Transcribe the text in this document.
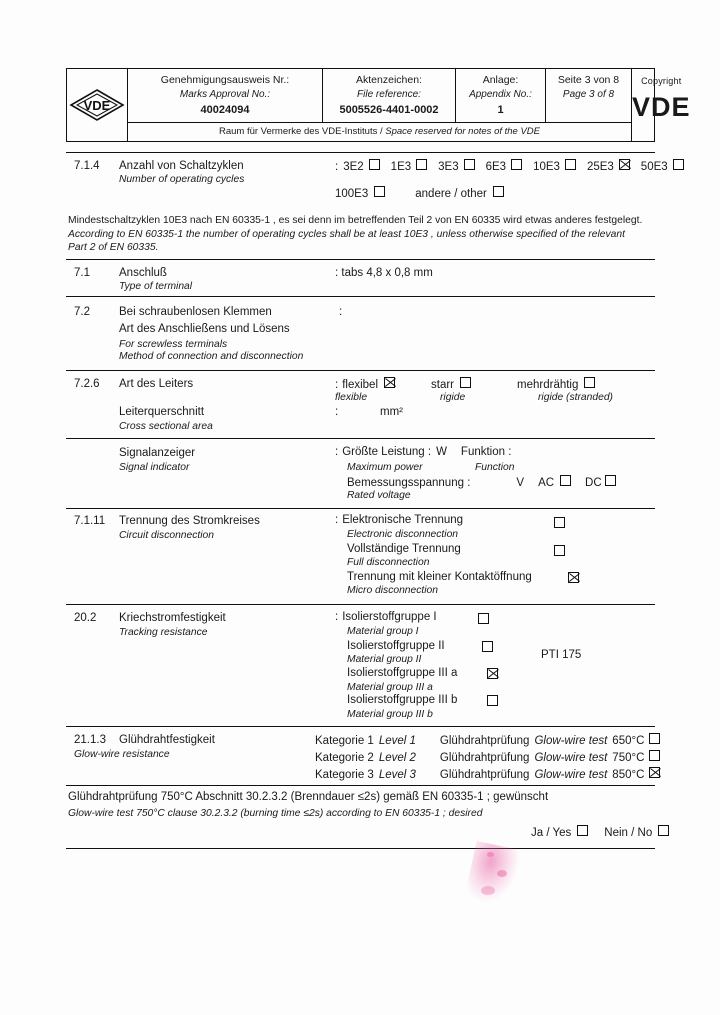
VDE
Genehmigungsausweis Nr.:
Marks Approval No.:
40024094
Aktenzeichen:
File reference:
5005526-4401-0002
Anlage:
Appendix No.:
1
Seite 3 von 8
Page 3 of 8
Raum für Vermerke des VDE-Instituts / Space reserved for notes of the VDE
Copyright
VDE
7.1.4 Anzahl von Schaltzyklen
Number of operating cycles
: 3E2 1E3 3E3 6E3 10E3 25E3 50E3
100E3	andere / other
Mindestschaltzyklen 10E3 nach EN 60335-1 , es sei denn im betreffenden Teil 2 von EN 60335 wird etwas anderes festgelegt.
According to EN 60335-1 the number of operating cycles shall be at least 10E3 , unless otherwise specified of the relevant
Part 2 of EN 60335.
7.1	Anschluß
Type of terminal
: tabs 4,8 x 0,8 mm
7.2	Bei schraubenlosen Klemmen
Art des Anschließens und Lösens
For screwless terminals
Method of connection and disconnection
:
7.2.6 Art des Leiters	: flexibel	starr	mehrdrähtig
flexible	rigide	rigide (stranded)
Leiterquerschnitt
Cross sectional area
:	mm²
Signalanzeiger
Signal indicator
: Größte Leistung : W Funktion :
Maximum power	Function
Bemessungsspannung :	V AC	DC
Rated voltage
7.1.11 Trennung des Stromkreises
Circuit disconnection
: Elektronische Trennung
Electronic disconnection
Vollständige Trennung
Full disconnection
Trennung mit kleiner Kontaktöffnung
Micro disconnection
20.2 Kriechstromfestigkeit
Tracking resistance
: Isolierstoffgruppe I
Material group I
Isolierstoffgruppe II
Material group II	PTI 175
Isolierstoffgruppe III a
Material group III a
Isolierstoffgruppe III b
Material group III b
21.1.3 Glühdrahtfestigkeit
Glow-wire resistance
Kategorie 1 Level 1 Glühdrahtprüfung Glow-wire test 650°C
Kategorie 2 Level 2 Glühdrahtprüfung Glow-wire test 750°C
Kategorie 3 Level 3 Glühdrahtprüfung Glow-wire test 850°C
Glühdrahtprüfung 750°C Abschnitt 30.2.3.2 (Brenndauer ≤2s) gemäß EN 60335-1 ; gewünscht
Glow-wire test 750°C clause 30.2.3.2 (burning time ≤2s) according to EN 60335-1 ; desired
Ja / Yes	Nein / No
